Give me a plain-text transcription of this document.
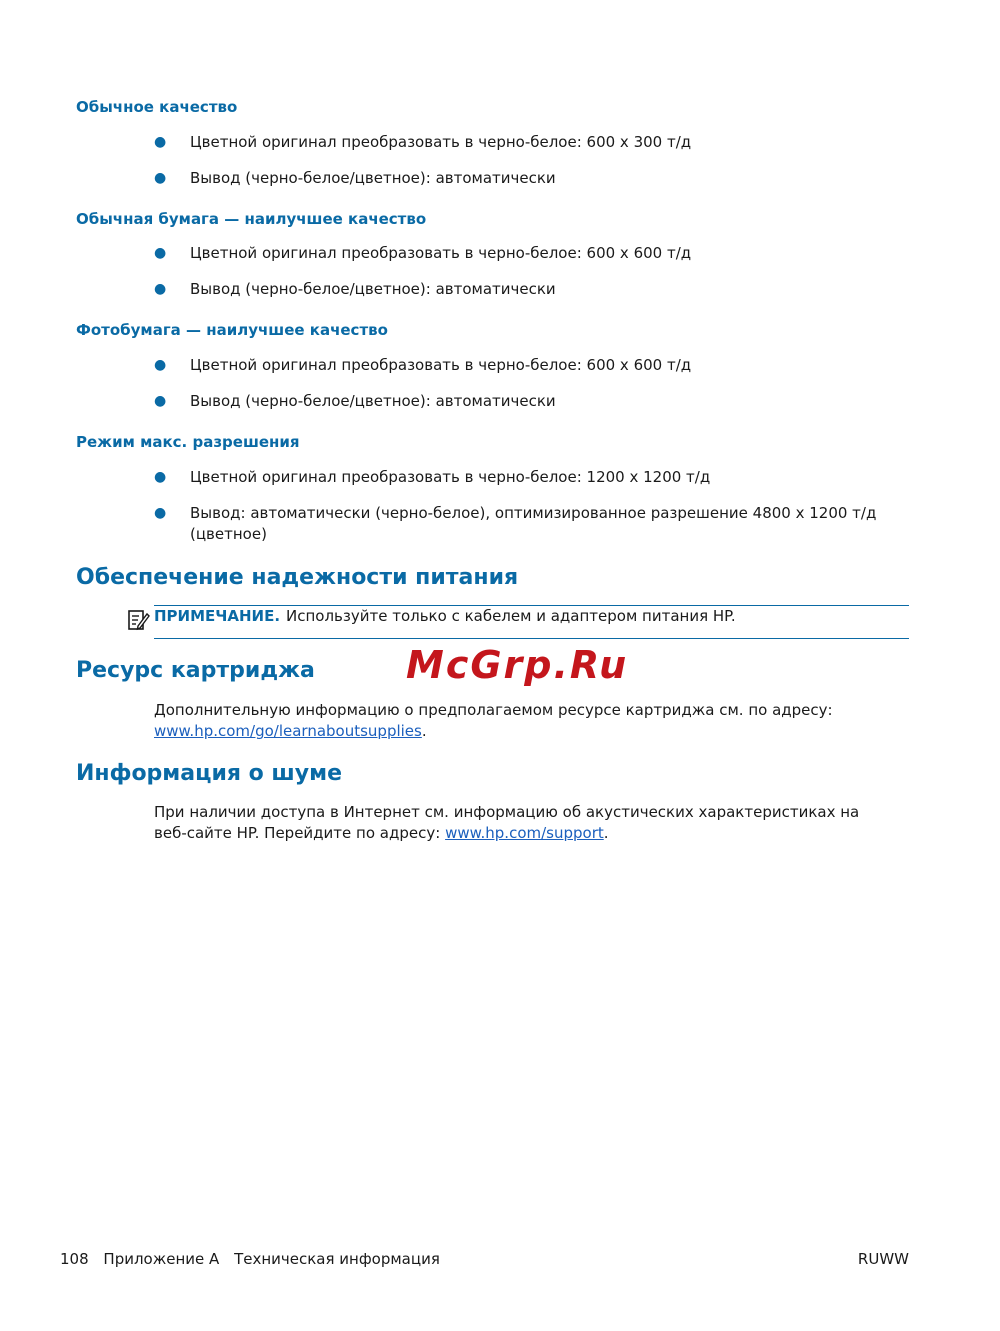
Обычное качество
● Цветной оригинал преобразовать в черно-белое: 600 x 300 т/д
● Вывод (черно-белое/цветное): автоматически
Обычная бумага — наилучшее качество
● Цветной оригинал преобразовать в черно-белое: 600 x 600 т/д
● Вывод (черно-белое/цветное): автоматически
Фотобумага — наилучшее качество
● Цветной оригинал преобразовать в черно-белое: 600 x 600 т/д
● Вывод (черно-белое/цветное): автоматически
Режим макс. разрешения
● Цветной оригинал преобразовать в черно-белое: 1200 x 1200 т/д
● Вывод: автоматически (черно-белое), оптимизированное разрешение 4800 x 1200 т/д (цветное)
Обеспечение надежности питания
ПРИМЕЧАНИЕ. Используйте только с кабелем и адаптером питания HP.
Ресурс картриджа McGrp.Ru
Дополнительную информацию о предполагаемом ресурсе картриджа см. по адресу:
www.hp.com/go/learnaboutsupplies.
Информация о шуме
При наличии доступа в Интернет см. информацию об акустических характеристиках на веб-сайте HP. Перейдите по адресу: www.hp.com/support.
108 Приложение А Техническая информация	RUWW
